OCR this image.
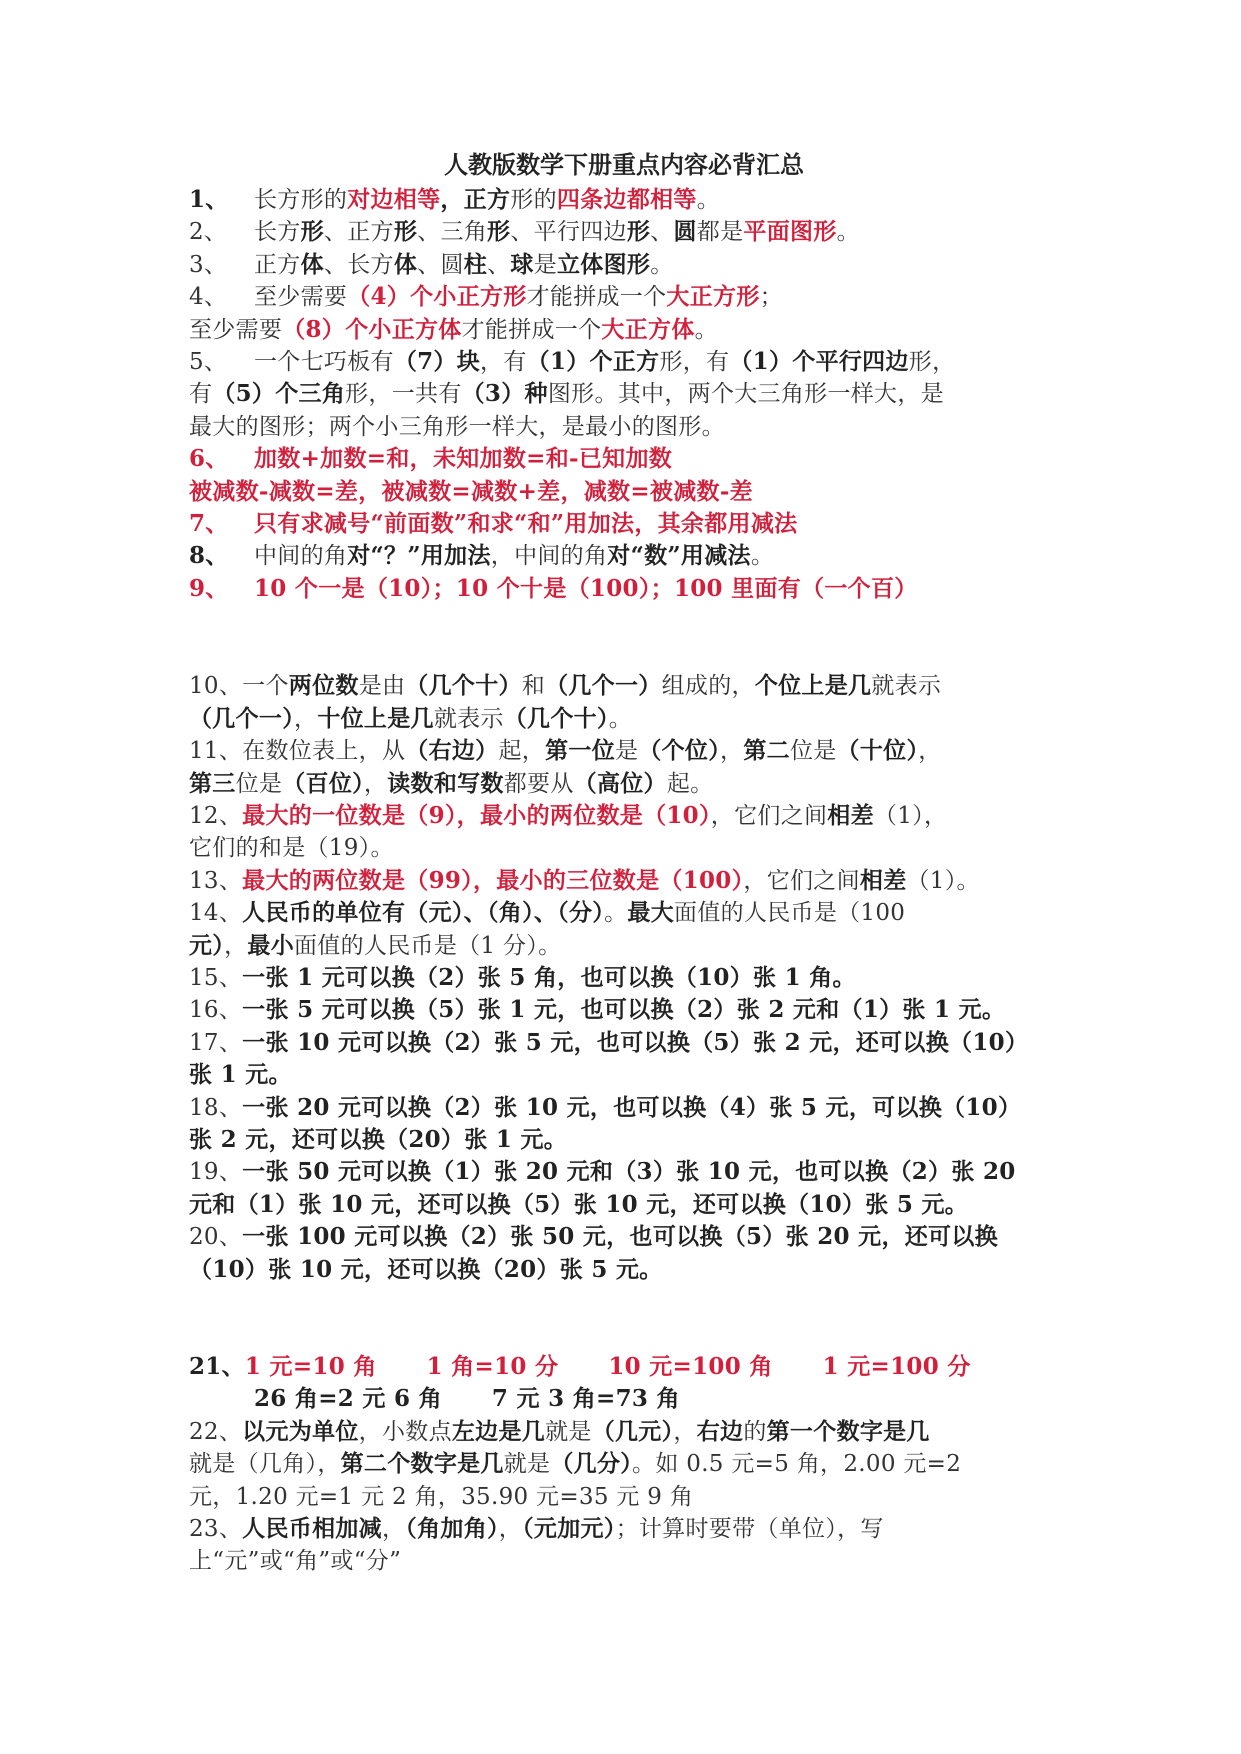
人教版数学下册重点内容必背汇总
1、 长方形的对边相等，正方形的四条边都相等。
2、 长方形、正方形、三角形、平行四边形、圆都是平面图形。
3、 正方体、长方体、圆柱、球是立体图形。
4、 至少需要（4）个小正方形才能拼成一个大正方形；
至少需要（8）个小正方体才能拼成一个大正方体。
5、 一个七巧板有（7）块，有（1）个正方形，有（1）个平行四边形，
有（5）个三角形，一共有（3）种图形。其中，两个大三角形一样大，是
最大的图形；两个小三角形一样大，是最小的图形。
6、 加数+加数=和，未知加数=和-已知加数
被减数-减数=差，被减数=减数+差，减数=被减数-差
7、 只有求减号“前面数”和求“和”用加法，其余都用减法
8、 中间的角对“？”用加法，中间的角对“数”用减法。
9、 10 个一是（10）；10 个十是（100）；100 里面有（一个百）
10、一个两位数是由（几个十）和（几个一）组成的，个位上是几就表示
（几个一），十位上是几就表示（几个十）。
11、在数位表上，从（右边）起，第一位是（个位），第二位是（十位），
第三位是（百位），读数和写数都要从（高位）起。
12、最大的一位数是（9），最小的两位数是（10），它们之间相差（1），
它们的和是（19）。
13、最大的两位数是（99），最小的三位数是（100），它们之间相差（1）。
14、人民币的单位有（元）、（角）、（分）。最大面值的人民币是（100
元），最小面值的人民币是（1 分）。
15、一张 1 元可以换（2）张 5 角，也可以换（10）张 1 角。
16、一张 5 元可以换（5）张 1 元，也可以换（2）张 2 元和（1）张 1 元。
17、一张 10 元可以换（2）张 5 元，也可以换（5）张 2 元，还可以换（10）
张 1 元。
18、一张 20 元可以换（2）张 10 元，也可以换（4）张 5 元，可以换（10）
张 2 元，还可以换（20）张 1 元。
19、一张 50 元可以换（1）张 20 元和（3）张 10 元，也可以换（2）张 20
元和（1）张 10 元，还可以换（5）张 10 元，还可以换（10）张 5 元。
20、一张 100 元可以换（2）张 50 元，也可以换（5）张 20 元，还可以换
（10）张 10 元，还可以换（20）张 5 元。
21、1 元=10 角 1 角=10 分 10 元=100 角 1 元=100 分
26 角=2 元 6 角 7 元 3 角=73 角
22、以元为单位，小数点左边是几就是（几元），右边的第一个数字是几
就是（几角），第二个数字是几就是（几分）。如 0.5 元=5 角，2.00 元=2
元，1.20 元=1 元 2 角，35.90 元=35 元 9 角
23、人民币相加减，（角加角），（元加元）；计算时要带（单位），写
上“元”或“角”或“分”
